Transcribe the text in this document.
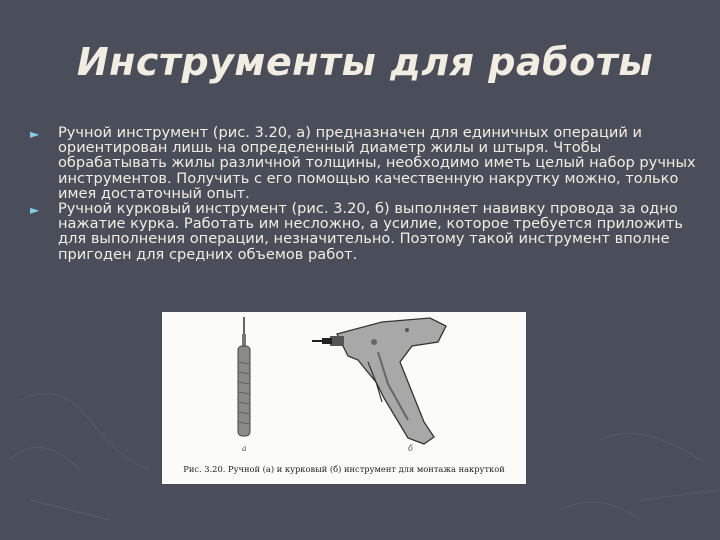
Инструменты для работы
► Ручной инструмент (рис. 3.20, а) предназначен для единичных операций и ориентирован лишь на определенный диаметр жилы и штыря. Чтобы обрабатывать жилы различной толщины, необходимо иметь целый набор ручных инструментов. Получить с его помощью качественную накрутку можно, только имея достаточный опыт.
► Ручной курковый инструмент (рис. 3.20, б) выполняет навивку провода за одно нажатие курка. Работать им несложно, а усилие, которое требуется приложить для выполнения операции, незначительно. Поэтому такой инструмент вполне пригоден для средних объемов работ.
а	б
Рис. 3.20. Ручной (а) и курковый (б) инструмент для монтажа накруткой
